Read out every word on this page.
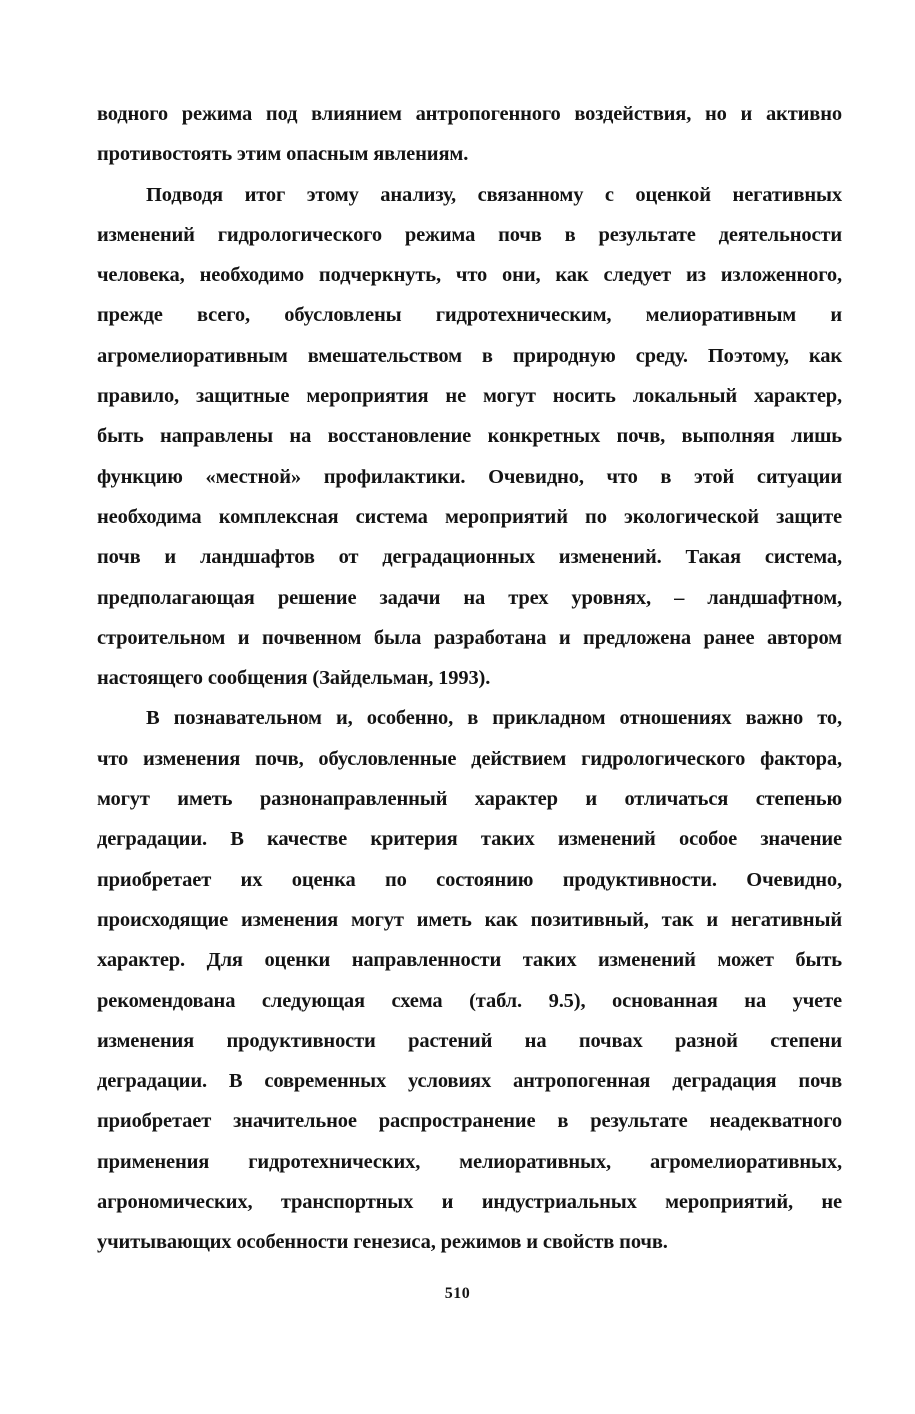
водного режима под влиянием антропогенного воздействия, но и активно
противостоять этим опасным явлениям.
Подводя итог этому анализу, связанному с оценкой негативных
изменений гидрологического режима почв в результате деятельности
человека, необходимо подчеркнуть, что они, как следует из изложенного,
прежде всего, обусловлены гидротехническим, мелиоративным и
агромелиоративным вмешательством в природную среду. Поэтому, как
правило, защитные мероприятия не могут носить локальный характер,
быть направлены на восстановление конкретных почв, выполняя лишь
функцию «местной» профилактики. Очевидно, что в этой ситуации
необходима комплексная система мероприятий по экологической защите
почв и ландшафтов от деградационных изменений. Такая система,
предполагающая решение задачи на трех уровнях, – ландшафтном,
строительном и почвенном была разработана и предложена ранее автором
настоящего сообщения (Зайдельман, 1993).
В познавательном и, особенно, в прикладном отношениях важно то,
что изменения почв, обусловленные действием гидрологического фактора,
могут иметь разнонаправленный характер и отличаться степенью
деградации. В качестве критерия таких изменений особое значение
приобретает их оценка по состоянию продуктивности. Очевидно,
происходящие изменения могут иметь как позитивный, так и негативный
характер. Для оценки направленности таких изменений может быть
рекомендована следующая схема (табл. 9.5), основанная на учете
изменения продуктивности растений на почвах разной степени
деградации. В современных условиях антропогенная деградация почв
приобретает значительное распространение в результате неадекватного
применения гидротехнических, мелиоративных, агромелиоративных,
агрономических, транспортных и индустриальных мероприятий, не
учитывающих особенности генезиса, режимов и свойств почв.
510
